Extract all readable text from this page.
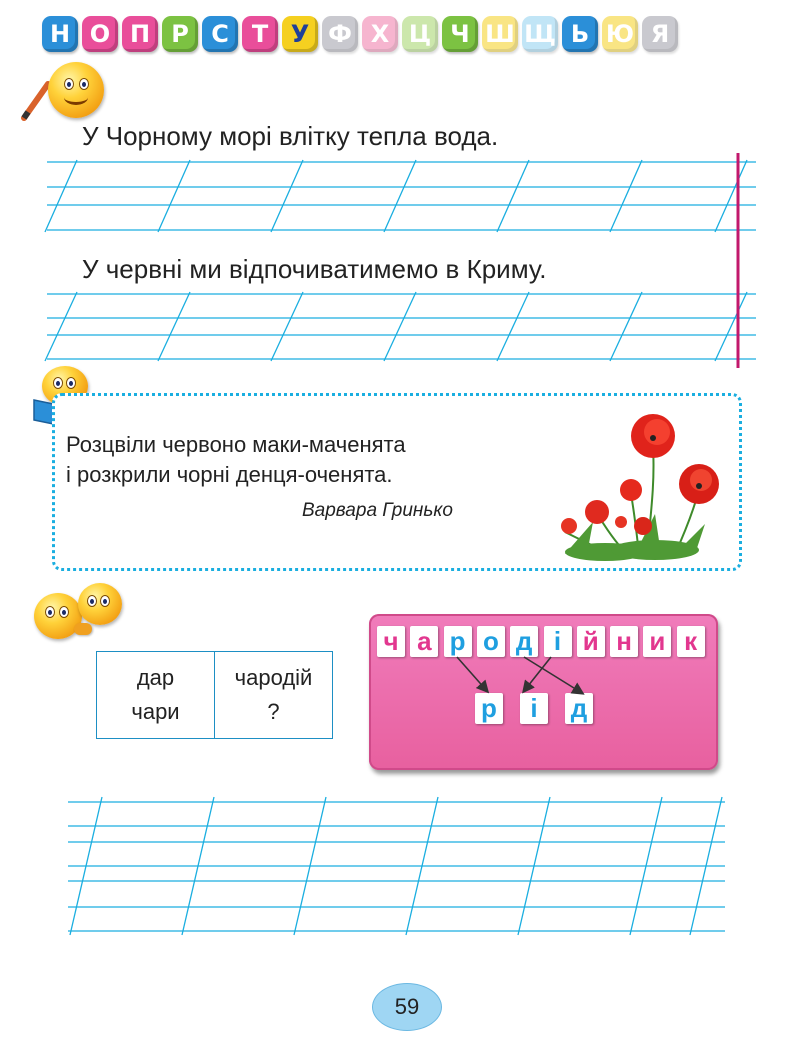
Н О П Р С Т У Ф Х Ц Ч Ш Щ Ь Ю Я
У Чорному морі влітку тепла вода.
У червні ми відпочиватимемо в Криму.
Розцвіли червоно маки-маченята
і розкрили чорні денця-оченята.
Варвара Гринько
дар
чари

чародій
?
ч а р о д і й н и к
р	і	д
59
